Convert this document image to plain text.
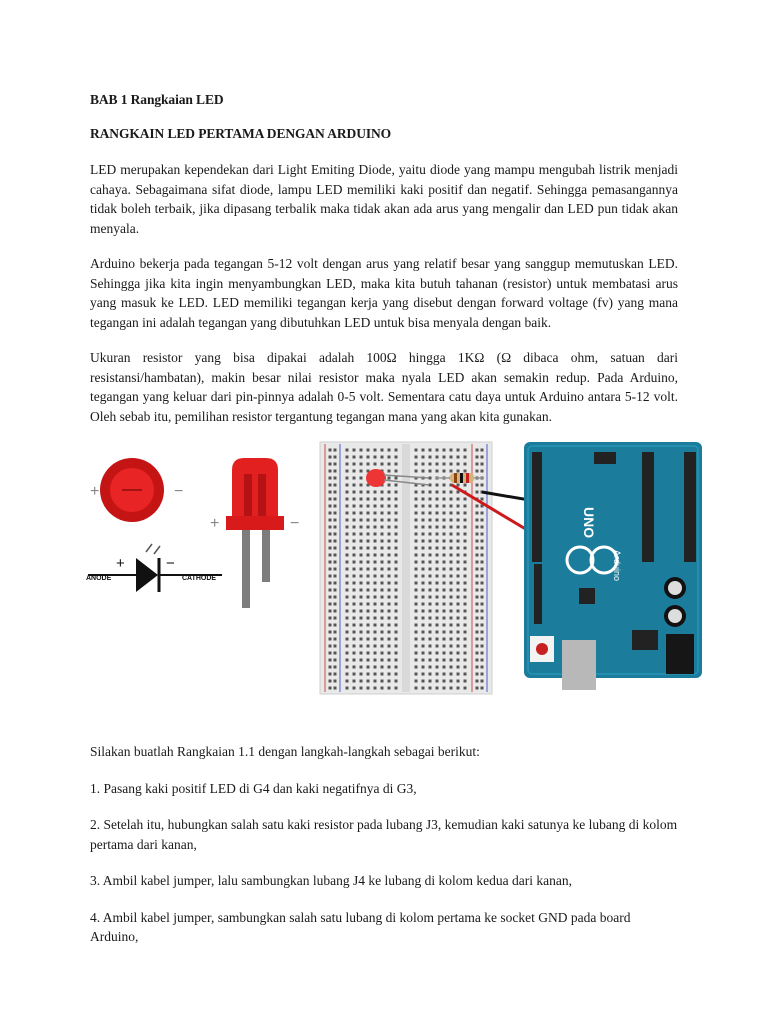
BAB 1 Rangkaian LED
RANGKAIN LED PERTAMA DENGAN ARDUINO

LED merupakan kependekan dari Light Emiting Diode, yaitu diode yang mampu mengubah listrik menjadi cahaya. Sebagaimana sifat diode, lampu LED memiliki kaki positif dan negatif. Sehingga pemasangannya tidak boleh terbaik, jika dipasang terbalik maka tidak akan ada arus yang mengalir dan LED pun tidak akan menyala.

Arduino bekerja pada tegangan 5-12 volt dengan arus yang relatif besar yang sanggup memutuskan LED. Sehingga jika kita ingin menyambungkan LED, maka kita butuh tahanan (resistor) untuk membatasi arus yang masuk ke LED. LED memiliki tegangan kerja yang disebut dengan forward voltage (fv) yang mana tegangan ini adalah tegangan yang dibutuhkan LED untuk bisa menyala dengan baik.

Ukuran resistor yang bisa dipakai adalah 100Ω hingga 1KΩ (Ω dibaca ohm, satuan dari resistansi/hambatan), makin besar nilai resistor maka nyala LED akan semakin redup. Pada Arduino, tegangan yang keluar dari pin-pinnya adalah 0-5 volt. Sementara catu daya untuk Arduino antara 5-12 volt. Oleh sebab itu, pemilihan resistor tergantung tegangan mana yang akan kita gunakan.

+	−
+	−
+	−
ANODE	CATHODE
UNO
Arduino

Silakan buatlah Rangkaian 1.1 dengan langkah-langkah sebagai berikut:

1. Pasang kaki positif LED di G4 dan kaki negatifnya di G3,

2. Setelah itu, hubungkan salah satu kaki resistor pada lubang J3, kemudian kaki satunya ke lubang di kolom pertama dari kanan,

3. Ambil kabel jumper, lalu sambungkan lubang J4 ke lubang di kolom kedua dari kanan,

4. Ambil kabel jumper, sambungkan salah satu lubang di kolom pertama ke socket GND pada board Arduino,
